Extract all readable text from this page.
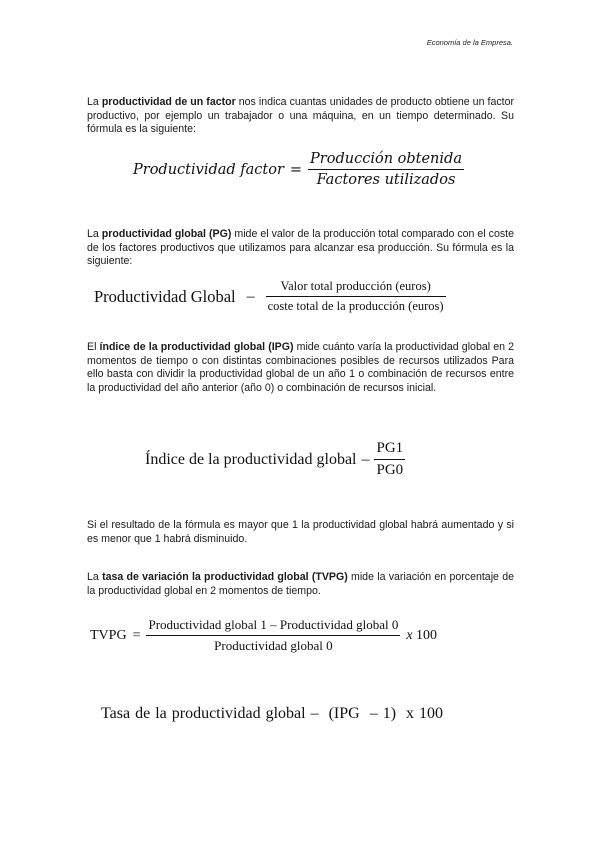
Economía de la Empresa.
La productividad de un factor nos indica cuantas unidades de producto obtiene un factor productivo, por ejemplo un trabajador o una máquina, en un tiempo determinado. Su fórmula es la siguiente:
Productividad factor = $\frac{\text{Producción obtenida}}{\text{Factores utilizados}}$
La productividad global (PG) mide el valor de la producción total comparado con el coste de los factores productivos que utilizamos para alcanzar esa producción. Su fórmula es la siguiente:
Productividad Global – $\frac{\text{Valor total producción (euros)}}{\text{coste total de la producción (euros)}}$
El índice de la productividad global (IPG) mide cuánto varía la productividad global en 2 momentos de tiempo o con distintas combinaciones posibles de recursos utilizados Para ello basta con dividir la productividad global de un año 1 o combinación de recursos entre la productividad del año anterior (año 0) o combinación de recursos inicial.
Índice de la productividad global – $\frac{PG1}{PG0}$
Si el resultado de la fórmula es mayor que 1 la productividad global habrá aumentado y si es menor que 1 habrá disminuido.
La tasa de variación la productividad global (TVPG) mide la variación en porcentaje de la productividad global en 2 momentos de tiempo.
TVPG = $\frac{\text{Productividad global 1 – Productividad global 0}}{\text{Productividad global 0}}$ x 100
Tasa de la productividad global –  (IPG  – 1)  x 100
